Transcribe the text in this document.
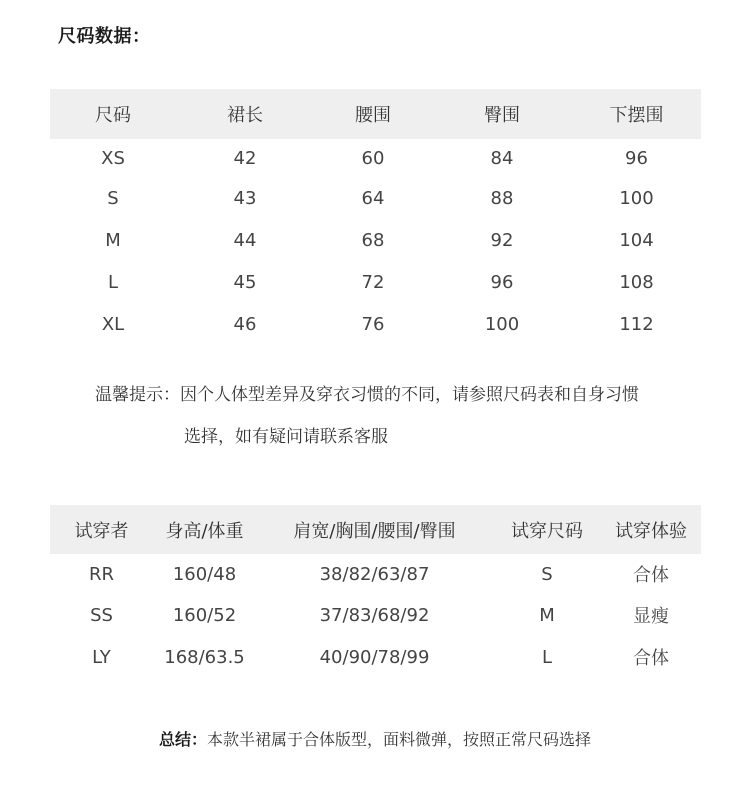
尺码数据：
尺码	裙长	腰围	臀围	下摆围
XS	42	60	84	96
S	43	64	88	100
M	44	68	92	104
L	45	72	96	108
XL	46	76	100	112
温馨提示：因个人体型差异及穿衣习惯的不同，请参照尺码表和自身习惯
选择，如有疑问请联系客服
试穿者	身高/体重	肩宽/胸围/腰围/臀围	试穿尺码	试穿体验
RR	160/48	38/82/63/87	S	合体
SS	160/52	37/83/68/92	M	显瘦
LY	168/63.5	40/90/78/99	L	合体
总结：本款半裙属于合体版型，面料微弹，按照正常尺码选择
